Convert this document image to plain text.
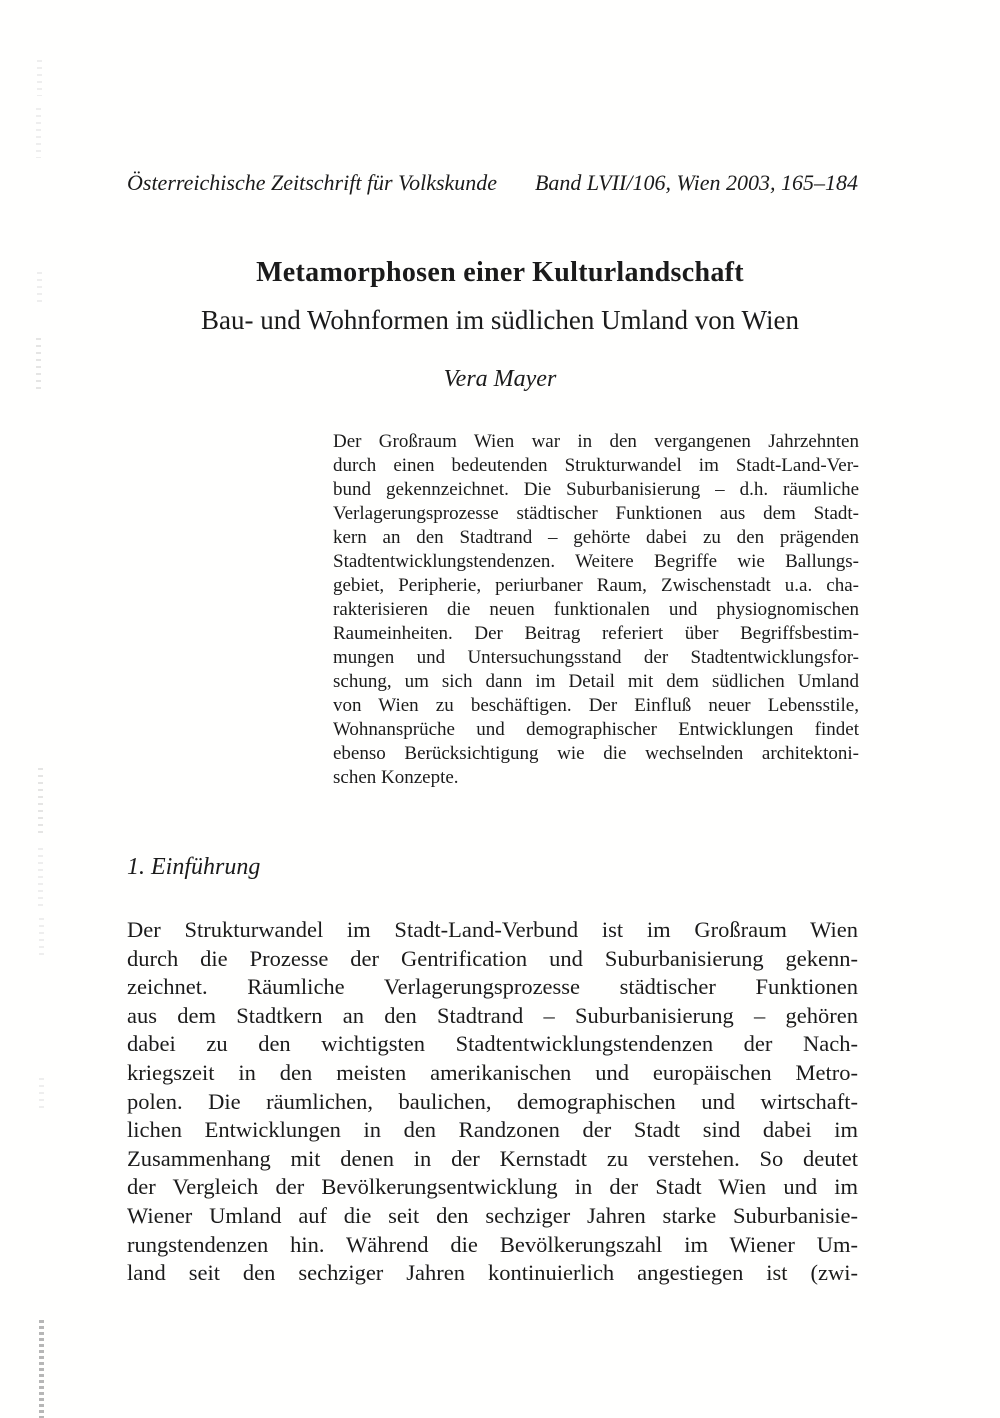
Österreichische Zeitschrift für Volkskunde Band LVII/106, Wien 2003, 165–184
Metamorphosen einer Kulturlandschaft
Bau- und Wohnformen im südlichen Umland von Wien
Vera Mayer
Der Großraum Wien war in den vergangenen Jahrzehnten
durch einen bedeutenden Strukturwandel im Stadt-Land-Ver-
bund gekennzeichnet. Die Suburbanisierung – d.h. räumliche
Verlagerungsprozesse städtischer Funktionen aus dem Stadt-
kern an den Stadtrand – gehörte dabei zu den prägenden
Stadtentwicklungstendenzen. Weitere Begriffe wie Ballungs-
gebiet, Peripherie, periurbaner Raum, Zwischenstadt u.a. cha-
rakterisieren die neuen funktionalen und physiognomischen
Raumeinheiten. Der Beitrag referiert über Begriffsbestim-
mungen und Untersuchungsstand der Stadtentwicklungsfor-
schung, um sich dann im Detail mit dem südlichen Umland
von Wien zu beschäftigen. Der Einfluß neuer Lebensstile,
Wohnansprüche und demographischer Entwicklungen findet
ebenso Berücksichtigung wie die wechselnden architektoni-
schen Konzepte.
1. Einführung
Der Strukturwandel im Stadt-Land-Verbund ist im Großraum Wien
durch die Prozesse der Gentrification und Suburbanisierung gekenn-
zeichnet. Räumliche Verlagerungsprozesse städtischer Funktionen
aus dem Stadtkern an den Stadtrand – Suburbanisierung – gehören
dabei zu den wichtigsten Stadtentwicklungstendenzen der Nach-
kriegszeit in den meisten amerikanischen und europäischen Metro-
polen. Die räumlichen, baulichen, demographischen und wirtschaft-
lichen Entwicklungen in den Randzonen der Stadt sind dabei im
Zusammenhang mit denen in der Kernstadt zu verstehen. So deutet
der Vergleich der Bevölkerungsentwicklung in der Stadt Wien und im
Wiener Umland auf die seit den sechziger Jahren starke Suburbanisie-
rungstendenzen hin. Während die Bevölkerungszahl im Wiener Um-
land seit den sechziger Jahren kontinuierlich angestiegen ist (zwi-
